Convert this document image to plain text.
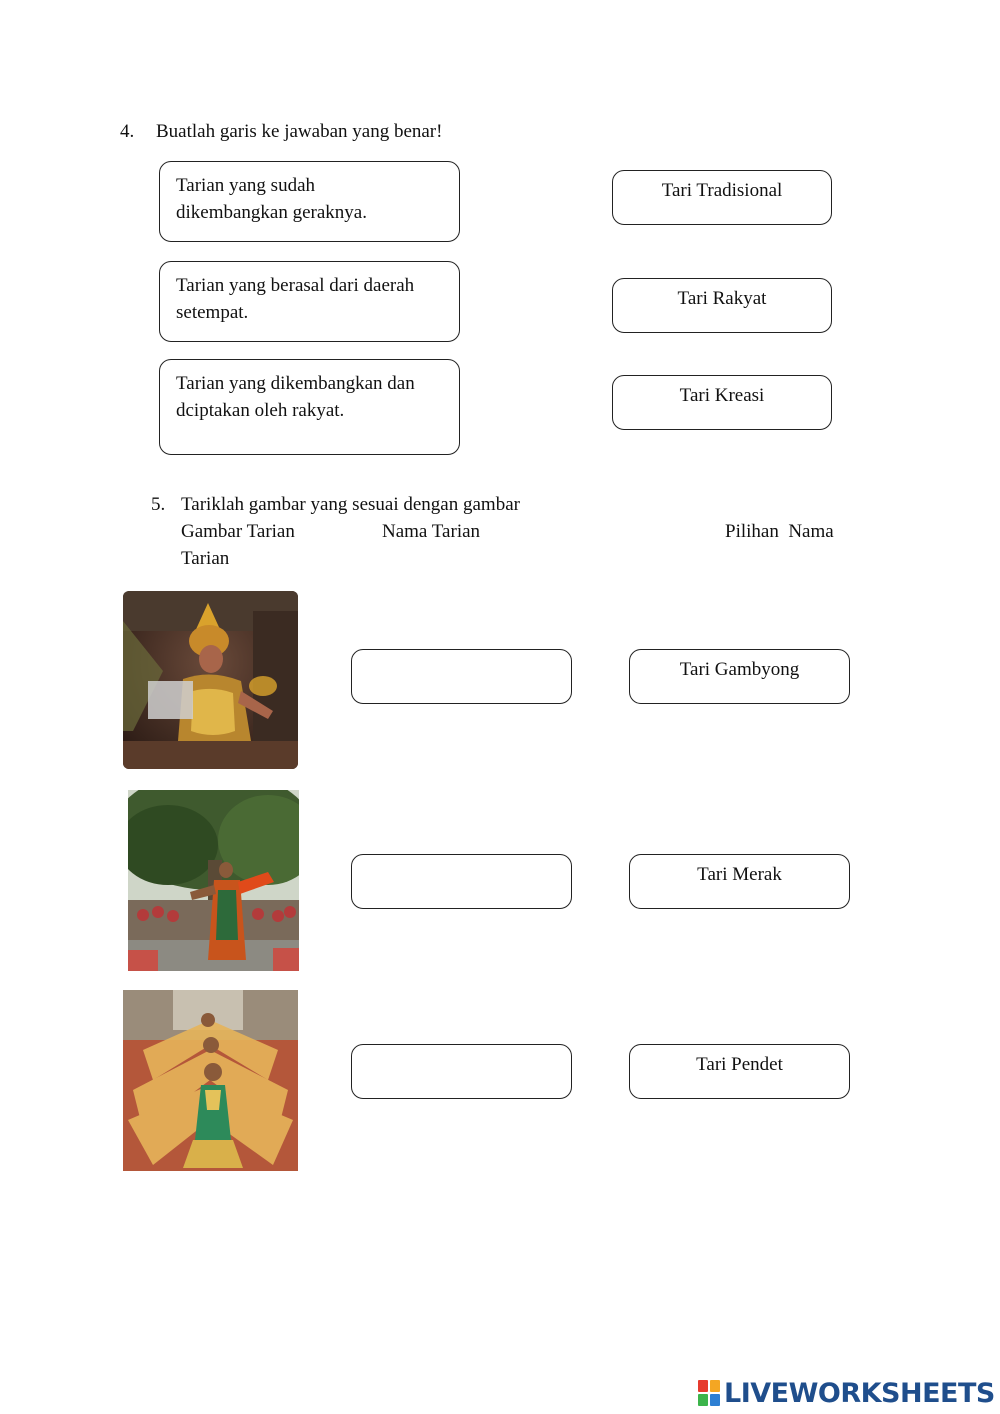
4. Buatlah garis ke jawaban yang benar!
Tarian yang sudah
dikembangkan geraknya.
Tarian yang berasal dari daerah
setempat.
Tarian yang dikembangkan dan
dciptakan oleh rakyat.
Tari Tradisional
Tari Rakyat
Tari Kreasi
5. Tariklah gambar yang sesuai dengan gambar
Gambar Tarian	Nama Tarian	Pilihan  Nama
Tarian
Tari Gambyong
Tari Merak
Tari Pendet
LIVEWORKSHEETS
